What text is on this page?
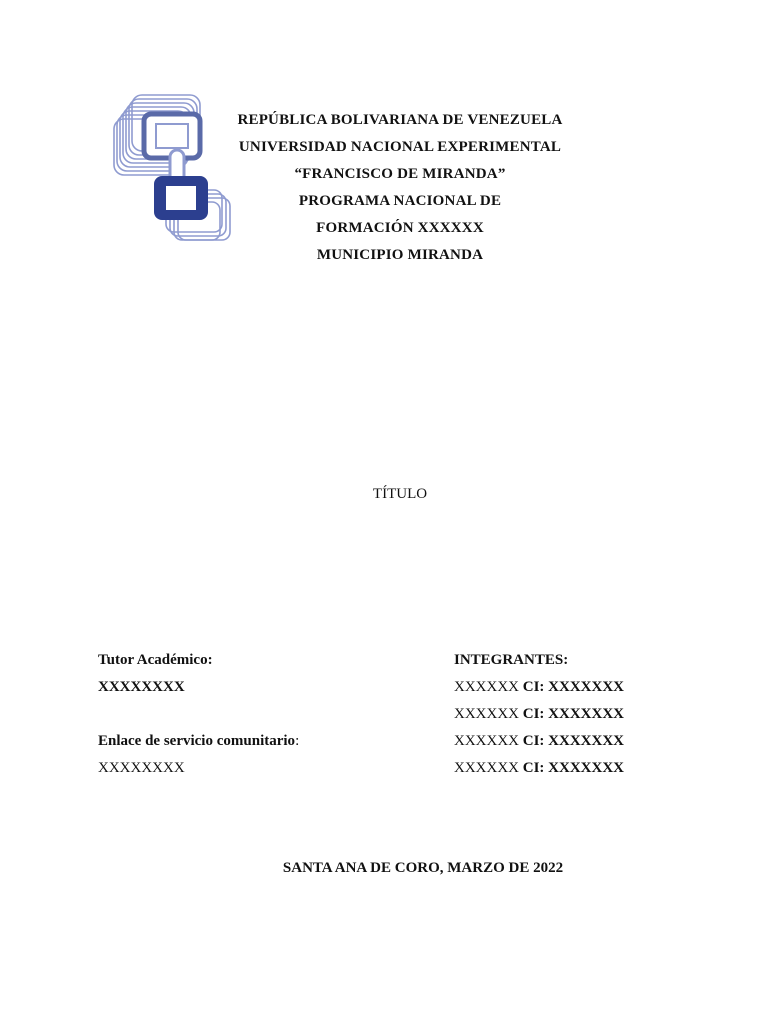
REPÚBLICA BOLIVARIANA DE VENEZUELA
UNIVERSIDAD NACIONAL EXPERIMENTAL
“FRANCISCO DE MIRANDA”
PROGRAMA NACIONAL DE
FORMACIÓN XXXXXX
MUNICIPIO MIRANDA
TÍTULO
Tutor Académico:
XXXXXXXX
Enlace de servicio comunitario:
XXXXXXXX
INTEGRANTES:
XXXXXX CI: XXXXXXX
XXXXXX CI: XXXXXXX
XXXXXX CI: XXXXXXX
XXXXXX CI: XXXXXXX
SANTA ANA DE CORO, MARZO DE 2022
